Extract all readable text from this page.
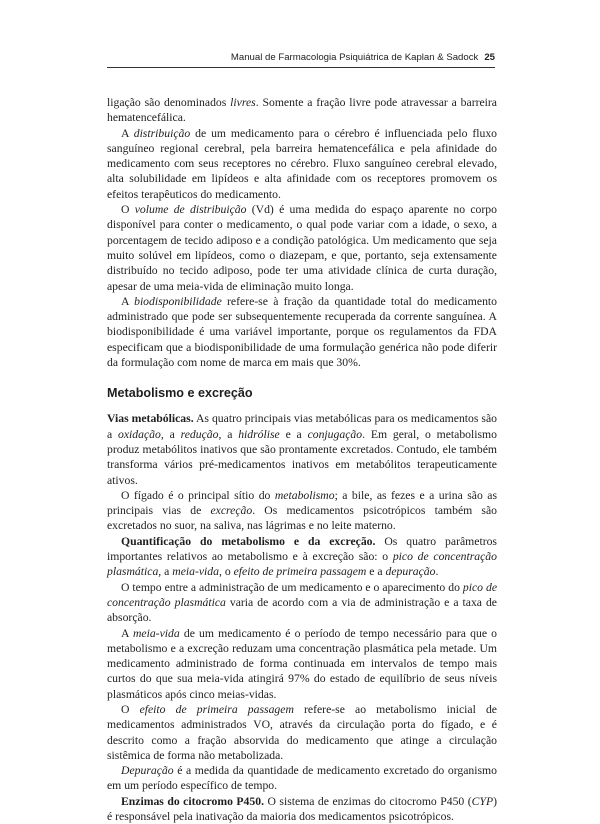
Manual de Farmacologia Psiquiátrica de Kaplan & Sadock 25

ligação são denominados livres. Somente a fração livre pode atravessar a barreira hematencefálica.

A distribuição de um medicamento para o cérebro é influenciada pelo fluxo sanguíneo regional cerebral, pela barreira hematencefálica e pela afinidade do medicamento com seus receptores no cérebro. Fluxo sanguíneo cerebral elevado, alta solubilidade em lipídeos e alta afinidade com os receptores promovem os efeitos terapêuticos do medicamento.

O volume de distribuição (Vd) é uma medida do espaço aparente no corpo disponível para conter o medicamento, o qual pode variar com a idade, o sexo, a porcentagem de tecido adiposo e a condição patológica. Um medicamento que seja muito solúvel em lipídeos, como o diazepam, e que, portanto, seja extensamente distribuído no tecido adiposo, pode ter uma atividade clínica de curta duração, apesar de uma meia-vida de eliminação muito longa.

A biodisponibilidade refere-se à fração da quantidade total do medicamento administrado que pode ser subsequentemente recuperada da corrente sanguínea. A biodisponibilidade é uma variável importante, porque os regulamentos da FDA especificam que a biodisponibilidade de uma formulação genérica não pode diferir da formulação com nome de marca em mais que 30%.

Metabolismo e excreção

Vias metabólicas. As quatro principais vias metabólicas para os medicamentos são a oxidação, a redução, a hidrólise e a conjugação. Em geral, o metabolismo produz metabólitos inativos que são prontamente excretados. Contudo, ele também transforma vários pré-medicamentos inativos em metabólitos terapeuticamente ativos.

O fígado é o principal sítio do metabolismo; a bile, as fezes e a urina são as principais vias de excreção. Os medicamentos psicotrópicos também são excretados no suor, na saliva, nas lágrimas e no leite materno.

Quantificação do metabolismo e da excreção. Os quatro parâmetros importantes relativos ao metabolismo e à excreção são: o pico de concentração plasmática, a meia-vida, o efeito de primeira passagem e a depuração.

O tempo entre a administração de um medicamento e o aparecimento do pico de concentração plasmática varia de acordo com a via de administração e a taxa de absorção.

A meia-vida de um medicamento é o período de tempo necessário para que o metabolismo e a excreção reduzam uma concentração plasmática pela metade. Um medicamento administrado de forma continuada em intervalos de tempo mais curtos do que sua meia-vida atingirá 97% do estado de equilíbrio de seus níveis plasmáticos após cinco meias-vidas.

O efeito de primeira passagem refere-se ao metabolismo inicial de medicamentos administrados VO, através da circulação porta do fígado, e é descrito como a fração absorvida do medicamento que atinge a circulação sistêmica de forma não metabolizada.

Depuração é a medida da quantidade de medicamento excretado do organismo em um período específico de tempo.

Enzimas do citocromo P450. O sistema de enzimas do citocromo P450 (CYP) é responsável pela inativação da maioria dos medicamentos psicotrópicos.
